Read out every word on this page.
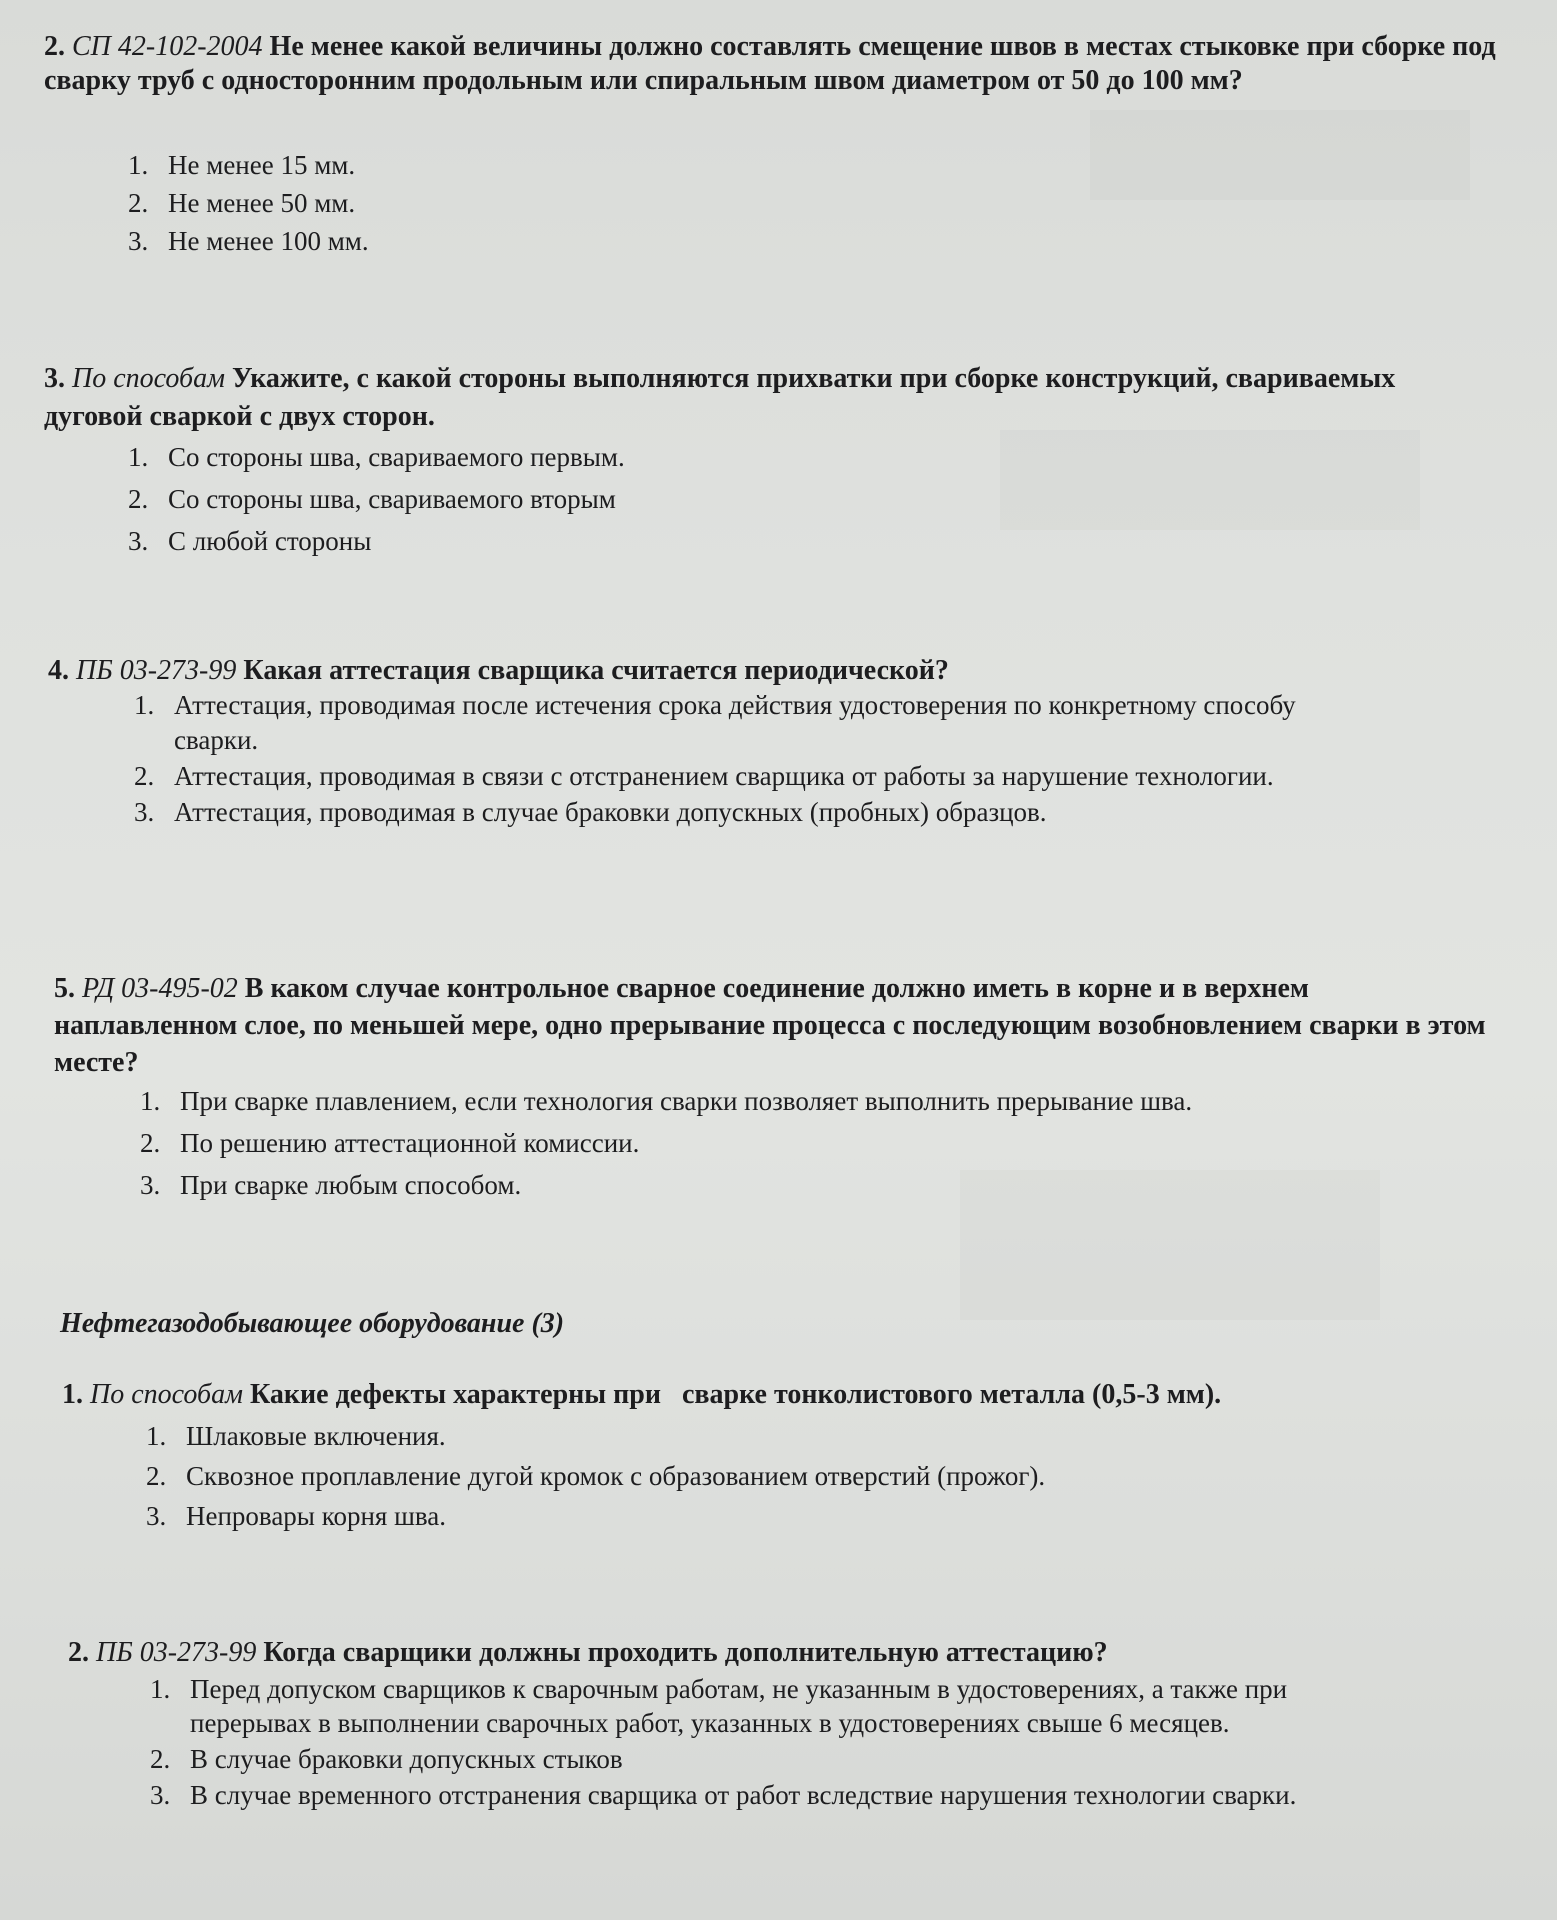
2. СП 42-102-2004 Не менее какой величины должно составлять смещение швов в местах стыковке при сборке под сварку труб с односторонним продольным или спиральным швом диаметром от 50 до 100 мм?

1. Не менее 15 мм.
2. Не менее 50 мм.
3. Не менее 100 мм.

3. По способам Укажите, с какой стороны выполняются прихватки при сборке конструкций, свариваемых дуговой сваркой с двух сторон.

1. Со стороны шва, свариваемого первым.
2. Со стороны шва, свариваемого вторым
3. С любой стороны

4. ПБ 03-273-99 Какая аттестация сварщика считается периодической?

1. Аттестация, проводимая после истечения срока действия удостоверения по конкретному способу сварки.
2. Аттестация, проводимая в связи с отстранением сварщика от работы за нарушение технологии.
3. Аттестация, проводимая в случае браковки допускных (пробных) образцов.

5. РД 03-495-02 В каком случае контрольное сварное соединение должно иметь в корне и в верхнем наплавленном слое, по меньшей мере, одно прерывание процесса с последующим возобновлением сварки в этом месте?

1. При сварке плавлением, если технология сварки позволяет выполнить прерывание шва.
2. По решению аттестационной комиссии.
3. При сварке любым способом.

Нефтегазодобывающее оборудование (3)

1. По способам Какие дефекты характерны при   сварке тонколистового металла (0,5-3 мм).

1. Шлаковые включения.
2. Сквозное проплавление дугой кромок с образованием отверстий (прожог).
3. Непровары корня шва.

2. ПБ 03-273-99 Когда сварщики должны проходить дополнительную аттестацию?

1. Перед допуском сварщиков к сварочным работам, не указанным в удостоверениях, а также при перерывах в выполнении сварочных работ, указанных в удостоверениях свыше 6 месяцев.
2. В случае браковки допускных стыков
3. В случае временного отстранения сварщика от работ вследствие нарушения технологии сварки.
